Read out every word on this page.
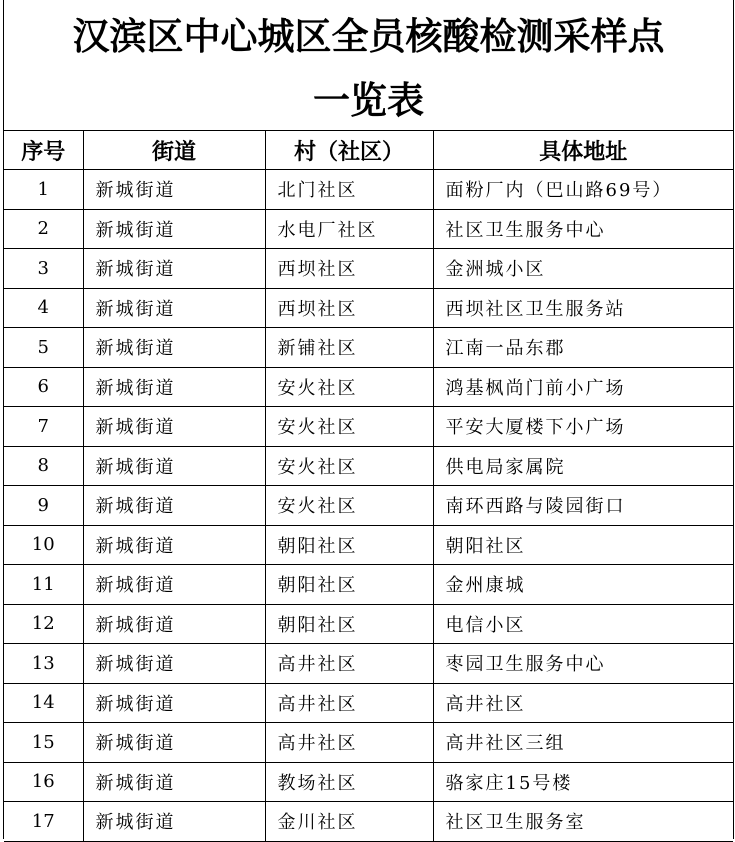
汉滨区中心城区全员核酸检测采样点
一览表
序号	街道	村（社区）	具体地址
1	新城街道	北门社区	面粉厂内（巴山路69号）
2	新城街道	水电厂社区	社区卫生服务中心
3	新城街道	西坝社区	金洲城小区
4	新城街道	西坝社区	西坝社区卫生服务站
5	新城街道	新铺社区	江南一品东郡
6	新城街道	安火社区	鸿基枫尚门前小广场
7	新城街道	安火社区	平安大厦楼下小广场
8	新城街道	安火社区	供电局家属院
9	新城街道	安火社区	南环西路与陵园街口
10	新城街道	朝阳社区	朝阳社区
11	新城街道	朝阳社区	金州康城
12	新城街道	朝阳社区	电信小区
13	新城街道	高井社区	枣园卫生服务中心
14	新城街道	高井社区	高井社区
15	新城街道	高井社区	高井社区三组
16	新城街道	教场社区	骆家庄15号楼
17	新城街道	金川社区	社区卫生服务室
